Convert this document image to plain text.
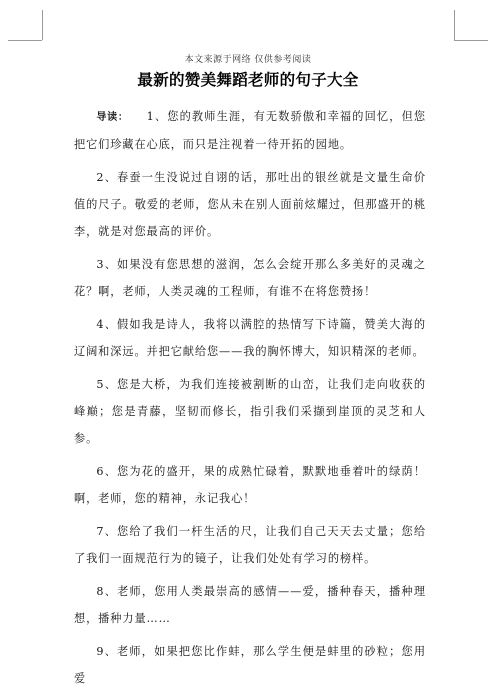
本文来源于网络 仅供参考阅读
最新的赞美舞蹈老师的句子大全

导读： 1、您的教师生涯，有无数骄傲和幸福的回忆，但您把它们珍藏在心底，而只是注视着一待开拓的园地。

2、春蚕一生没说过自诩的话，那吐出的银丝就是文量生命价值的尺子。敬爱的老师，您从未在别人面前炫耀过，但那盛开的桃李，就是对您最高的评价。

3、如果没有您思想的滋润，怎么会绽开那么多美好的灵魂之花？啊，老师，人类灵魂的工程师，有谁不在将您赞扬！

4、假如我是诗人，我将以满腔的热情写下诗篇，赞美大海的辽阔和深远。并把它献给您——我的胸怀博大，知识精深的老师。

5、您是大桥，为我们连接被割断的山峦，让我们走向收获的峰巅；您是青藤，坚韧而修长，指引我们采撷到崖顶的灵芝和人参。

6、您为花的盛开，果的成熟忙碌着，默默地垂着叶的绿荫！啊，老师，您的精神，永记我心！

7、您给了我们一杆生活的尺，让我们自己天天去丈量；您给了我们一面规范行为的镜子，让我们处处有学习的榜样。

8、老师，您用人类最崇高的感情——爱，播种春天，播种理想，播种力量……

9、老师，如果把您比作蚌，那么学生便是蚌里的砂粒；您用爱
